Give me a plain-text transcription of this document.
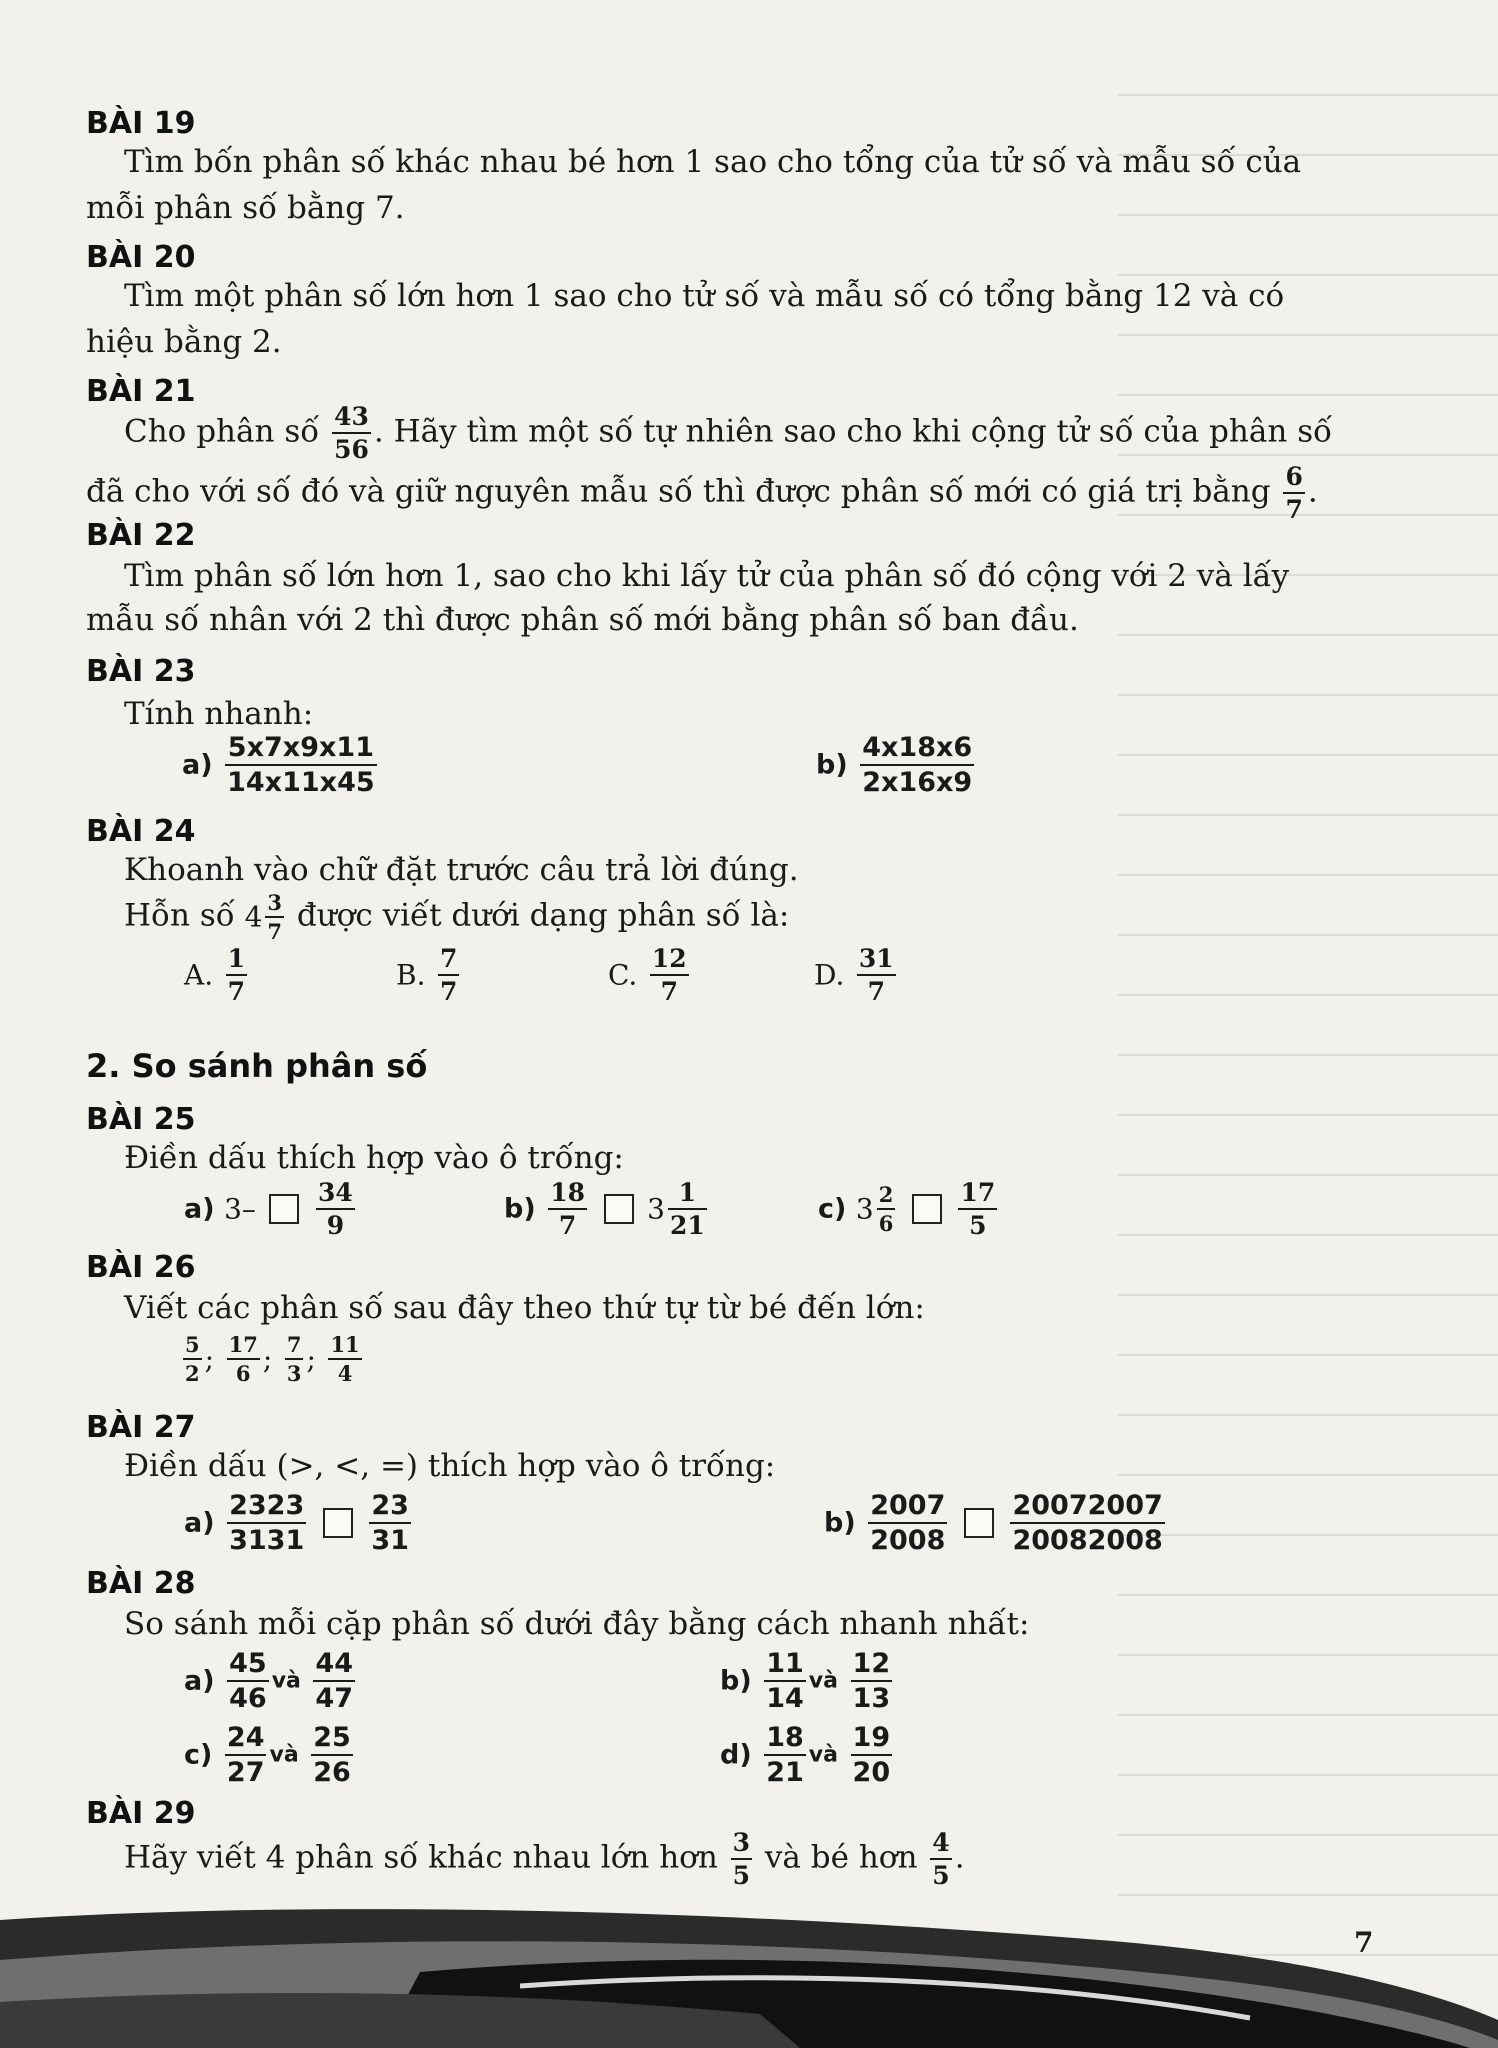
BÀI 19
Tìm bốn phân số khác nhau bé hơn 1 sao cho tổng của tử số và mẫu số của
mỗi phân số bằng 7.
BÀI 20
Tìm một phân số lớn hơn 1 sao cho tử số và mẫu số có tổng bằng 12 và có
hiệu bằng 2.
BÀI 21
Cho phân số $\frac{43}{56}$ . Hãy tìm một số tự nhiên sao cho khi cộng tử số của phân số
đã cho với số đó và giữ nguyên mẫu số thì được phân số mới có giá trị bằng $\frac{6}{7}$ .
BÀI 22
Tìm phân số lớn hơn 1, sao cho khi lấy tử của phân số đó cộng với 2 và lấy
mẫu số nhân với 2 thì được phân số mới bằng phân số ban đầu.
BÀI 23
Tính nhanh:
$a) \frac{5x7x9x11}{14x11x45}$	$b) \frac{4x18x6}{2x16x9}$
BÀI 24
Khoanh vào chữ đặt trước câu trả lời đúng.
Hỗn số $4 \frac{3}{7}$ được viết dưới dạng phân số là:
A. $\frac{1}{7}$	B. $\frac{7}{7}$	C. $\frac{12}{7}$	D. $\frac{31}{7}$
2. So sánh phân số
BÀI 25
Điền dấu thích hợp vào ô trống:
a) $3- \frac{34}{9}$	$b) \frac{18}{7} 3 \frac{1}{21}$	c) $3 \frac{2}{6}$
	$\frac{17}{5}$
BÀI 26
Viết các phân số sau đây theo thứ tự từ bé đến lớn:
$\frac{5}{2}$ ; $\frac{17}{6}$ ; $\frac{7}{3}$ ; $\frac{11}{4}$
BÀI 27
Điền dấu (>, <, =) thích hợp vào ô trống:
$a) \frac{2323}{3131}$
$\frac{23}{31}$	$b) \frac{2007}{2008}$
$\frac{20072007}{20082008}$
BÀI 28
So sánh mỗi cặp phân số dưới đây bằng cách nhanh nhất:
$a) \frac{45}{46}$ và $\frac{44}{47}$	$b) \frac{11}{14}$ và $\frac{12}{13}$
$c) \frac{24}{27}$ và $\frac{25}{26}$	$d) \frac{18}{21}$ và $\frac{19}{20}$
BÀI 29
Hãy viết 4 phân số khác nhau lớn hơn $\frac{3}{5}$ và bé hơn $\frac{4}{5}$ .
7
